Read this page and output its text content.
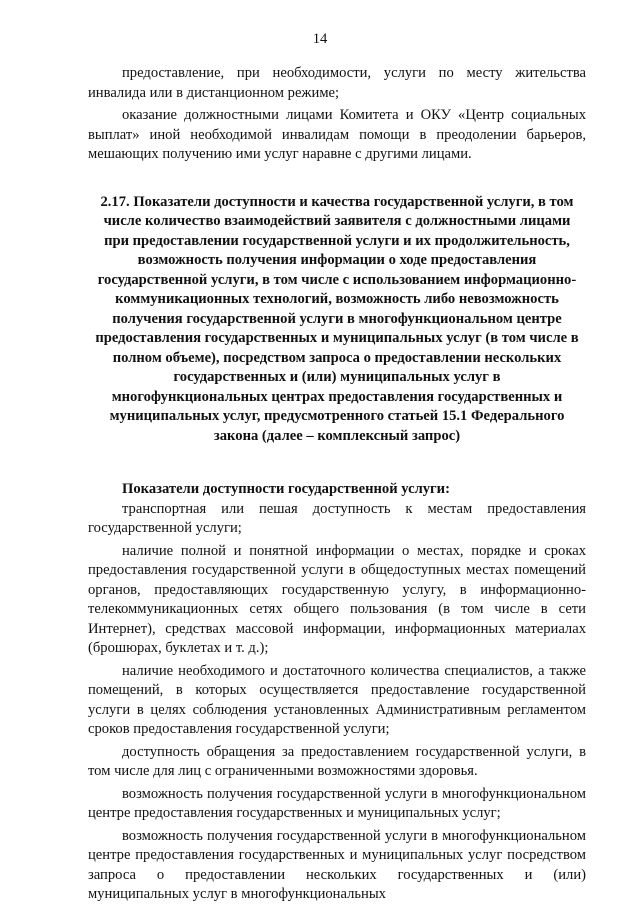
14

предоставление, при необходимости, услуги по месту жительства инвалида или в дистанционном режиме;

оказание должностными лицами Комитета и ОКУ «Центр социальных выплат» иной необходимой инвалидам помощи в преодолении барьеров, мешающих получению ими услуг наравне с другими лицами.

2.17. Показатели доступности и качества государственной услуги, в том числе количество взаимодействий заявителя с должностными лицами при предоставлении государственной услуги и их продолжительность, возможность получения информации о ходе предоставления государственной услуги, в том числе с использованием информационно-коммуникационных технологий, возможность либо невозможность получения государственной услуги в многофункциональном центре предоставления государственных и муниципальных услуг (в том числе в полном объеме), посредством запроса о предоставлении нескольких государственных и (или) муниципальных услуг в многофункциональных центрах предоставления государственных и муниципальных услуг, предусмотренного статьей 15.1 Федерального закона (далее – комплексный запрос)

Показатели доступности государственной услуги:

транспортная или пешая доступность к местам предоставления государственной услуги;

наличие полной и понятной информации о местах, порядке и сроках предоставления государственной услуги в общедоступных местах помещений органов, предоставляющих государственную услугу, в информационно-телекоммуникационных сетях общего пользования (в том числе в сети Интернет), средствах массовой информации, информационных материалах (брошюрах, буклетах и т. д.);

наличие необходимого и достаточного количества специалистов, а также помещений, в которых осуществляется предоставление государственной услуги в целях соблюдения установленных Административным регламентом сроков предоставления государственной услуги;

доступность обращения за предоставлением государственной услуги, в том числе для лиц с ограниченными возможностями здоровья.

возможность получения государственной услуги в многофункциональном центре предоставления государственных и муниципальных услуг;

возможность получения государственной услуги в многофункциональном центре предоставления государственных и муниципальных услуг посредством запроса о предоставлении нескольких государственных и (или) муниципальных услуг в многофункциональных
